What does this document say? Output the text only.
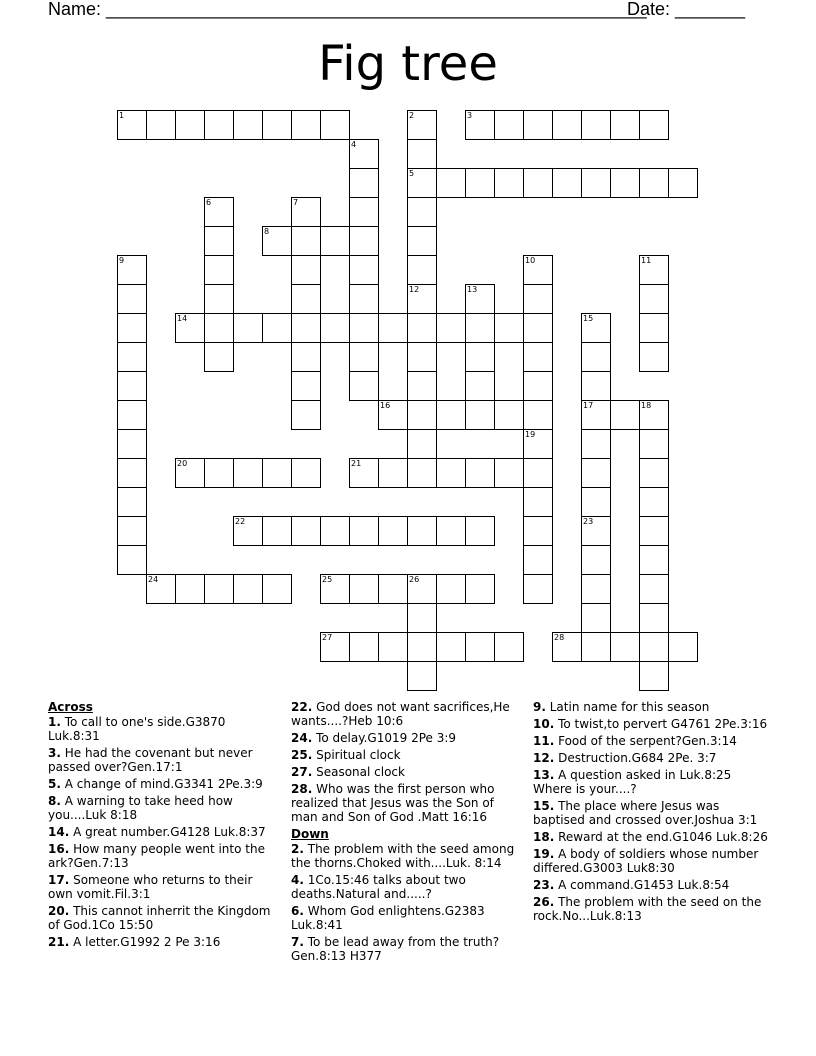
Name: ______________________________________________________
Date: _______
Fig tree
1	2
5
3
4
6	7
8
9	10
19
11
12	13
14	15
17
16	18
20	21
22	23
24	25	26
27	28
Across
1. To call to one's side.G3870 Luk.8:31
3. He had the covenant but never passed over?Gen.17:1
5. A change of mind.G3341 2Pe.3:9
8. A warning to take heed how you....Luk 8:18
14. A great number.G4128 Luk.8:37
16. How many people went into the ark?Gen.7:13
17. Someone who returns to their own vomit.Fil.3:1
20. This cannot inherrit the Kingdom of God.1Co 15:50
21. A letter.G1992 2 Pe 3:16
22. God does not want sacrifices,He wants....?Heb 10:6
24. To delay.G1019 2Pe 3:9
25. Spiritual clock
27. Seasonal clock
28. Who was the first person who realized that Jesus was the Son of man and Son of God .Matt 16:16
Down
2. The problem with the seed among the thorns.Choked with....Luk. 8:14
4. 1Co.15:46 talks about two deaths.Natural and.....?
6. Whom God enlightens.G2383 Luk.8:41
7. To be lead away from the truth?Gen.8:13 H377
9. Latin name for this season
10. To twist,to pervert G4761 2Pe.3:16
11. Food of the serpent?Gen.3:14
12. Destruction.G684 2Pe. 3:7
13. A question asked in Luk.8:25 Where is your....?
15. The place where Jesus was baptised and crossed over.Joshua 3:1
18. Reward at the end.G1046 Luk.8:26
19. A body of soldiers whose number differed.G3003 Luk8:30
23. A command.G1453 Luk.8:54
26. The problem with the seed on the rock.No...Luk.8:13
